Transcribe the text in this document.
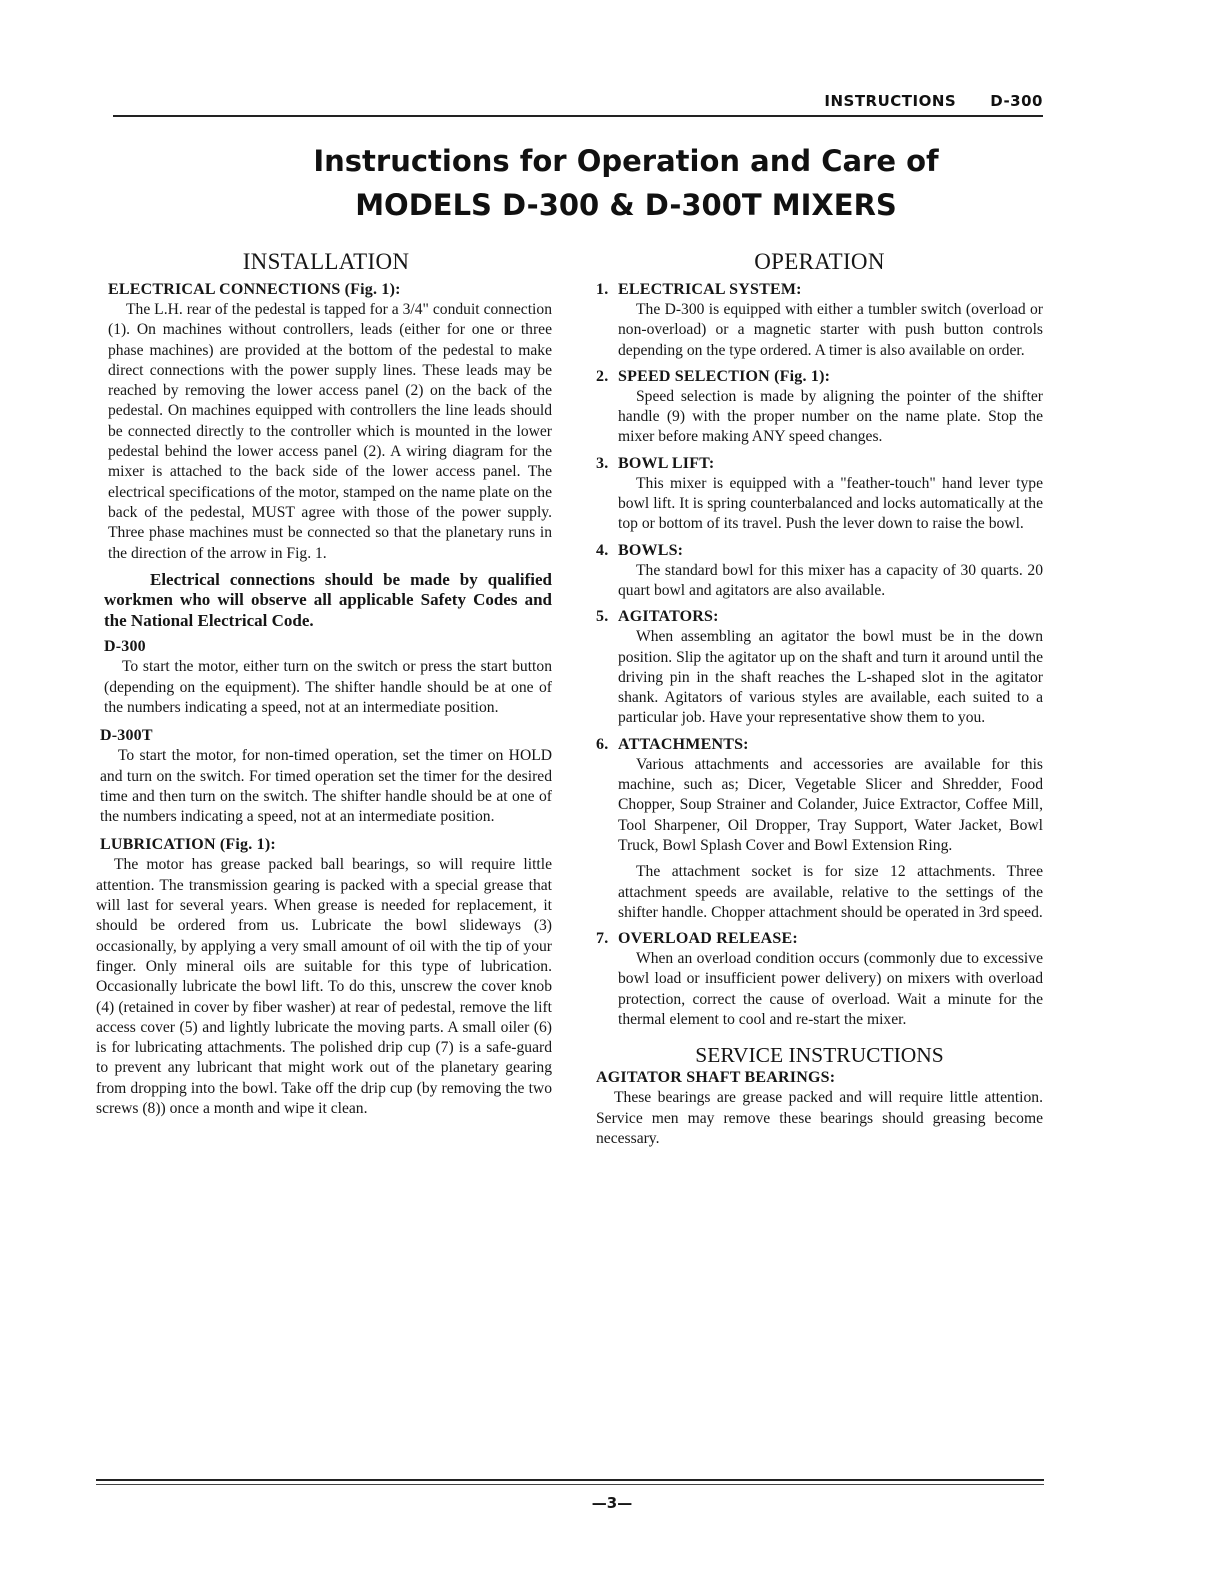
INSTRUCTIONS D-300
Instructions for Operation and Care of
MODELS D-300 & D-300T MIXERS
INSTALLATION
ELECTRICAL CONNECTIONS (Fig. 1):

The L.H. rear of the pedestal is tapped for a 3/4" conduit connection (1). On machines without controllers, leads (either for one or three phase machines) are provided at the bottom of the pedestal to make direct connections with the power supply lines. These leads may be reached by removing the lower access panel (2) on the back of the pedestal. On machines equipped with controllers the line leads should be connected directly to the controller which is mounted in the lower pedestal behind the lower access panel (2). A wiring diagram for the mixer is attached to the back side of the lower access panel. The electrical specifications of the motor, stamped on the name plate on the back of the pedestal, MUST agree with those of the power supply. Three phase machines must be connected so that the planetary runs in the direction of the arrow in Fig. 1.

Electrical connections should be made by qualified workmen who will observe all applicable Safety Codes and the National Electrical Code.

D-300

To start the motor, either turn on the switch or press the start button (depending on the equipment). The shifter handle should be at one of the numbers indicating a speed, not at an intermediate position.

D-300T

To start the motor, for non-timed operation, set the timer on HOLD and turn on the switch. For timed operation set the timer for the desired time and then turn on the switch. The shifter handle should be at one of the numbers indicating a speed, not at an intermediate position.

LUBRICATION (Fig. 1):

The motor has grease packed ball bearings, so will require little attention. The transmission gearing is packed with a special grease that will last for several years. When grease is needed for replacement, it should be ordered from us. Lubricate the bowl slideways (3) occasionally, by applying a very small amount of oil with the tip of your finger. Only mineral oils are suitable for this type of lubrication. Occasionally lubricate the bowl lift. To do this, unscrew the cover knob (4) (retained in cover by fiber washer) at rear of pedestal, remove the lift access cover (5) and lightly lubricate the moving parts. A small oiler (6) is for lubricating attachments. The polished drip cup (7) is a safe-guard to prevent any lubricant that might work out of the planetary gearing from dropping into the bowl. Take off the drip cup (by removing the two screws (8)) once a month and wipe it clean.

OPERATION
1. ELECTRICAL SYSTEM:

The D-300 is equipped with either a tumbler switch (overload or non-overload) or a magnetic starter with push button controls depending on the type ordered. A timer is also available on order.

2. SPEED SELECTION (Fig. 1):

Speed selection is made by aligning the pointer of the shifter handle (9) with the proper number on the name plate. Stop the mixer before making ANY speed changes.

3. BOWL LIFT:

This mixer is equipped with a "feather-touch" hand lever type bowl lift. It is spring counterbalanced and locks automatically at the top or bottom of its travel. Push the lever down to raise the bowl.

4. BOWLS:

The standard bowl for this mixer has a capacity of 30 quarts. 20 quart bowl and agitators are also available.

5. AGITATORS:

When assembling an agitator the bowl must be in the down position. Slip the agitator up on the shaft and turn it around until the driving pin in the shaft reaches the L-shaped slot in the agitator shank. Agitators of various styles are available, each suited to a particular job. Have your representative show them to you.

6. ATTACHMENTS:

Various attachments and accessories are available for this machine, such as; Dicer, Vegetable Slicer and Shredder, Food Chopper, Soup Strainer and Colander, Juice Extractor, Coffee Mill, Tool Sharpener, Oil Dropper, Tray Support, Water Jacket, Bowl Truck, Bowl Splash Cover and Bowl Extension Ring.

The attachment socket is for size 12 attachments. Three attachment speeds are available, relative to the settings of the shifter handle. Chopper attachment should be operated in 3rd speed.

7. OVERLOAD RELEASE:

When an overload condition occurs (commonly due to excessive bowl load or insufficient power delivery) on mixers with overload protection, correct the cause of overload. Wait a minute for the thermal element to cool and re-start the mixer.

SERVICE INSTRUCTIONS
AGITATOR SHAFT BEARINGS:

These bearings are grease packed and will require little attention. Service men may remove these bearings should greasing become necessary.

—3—
